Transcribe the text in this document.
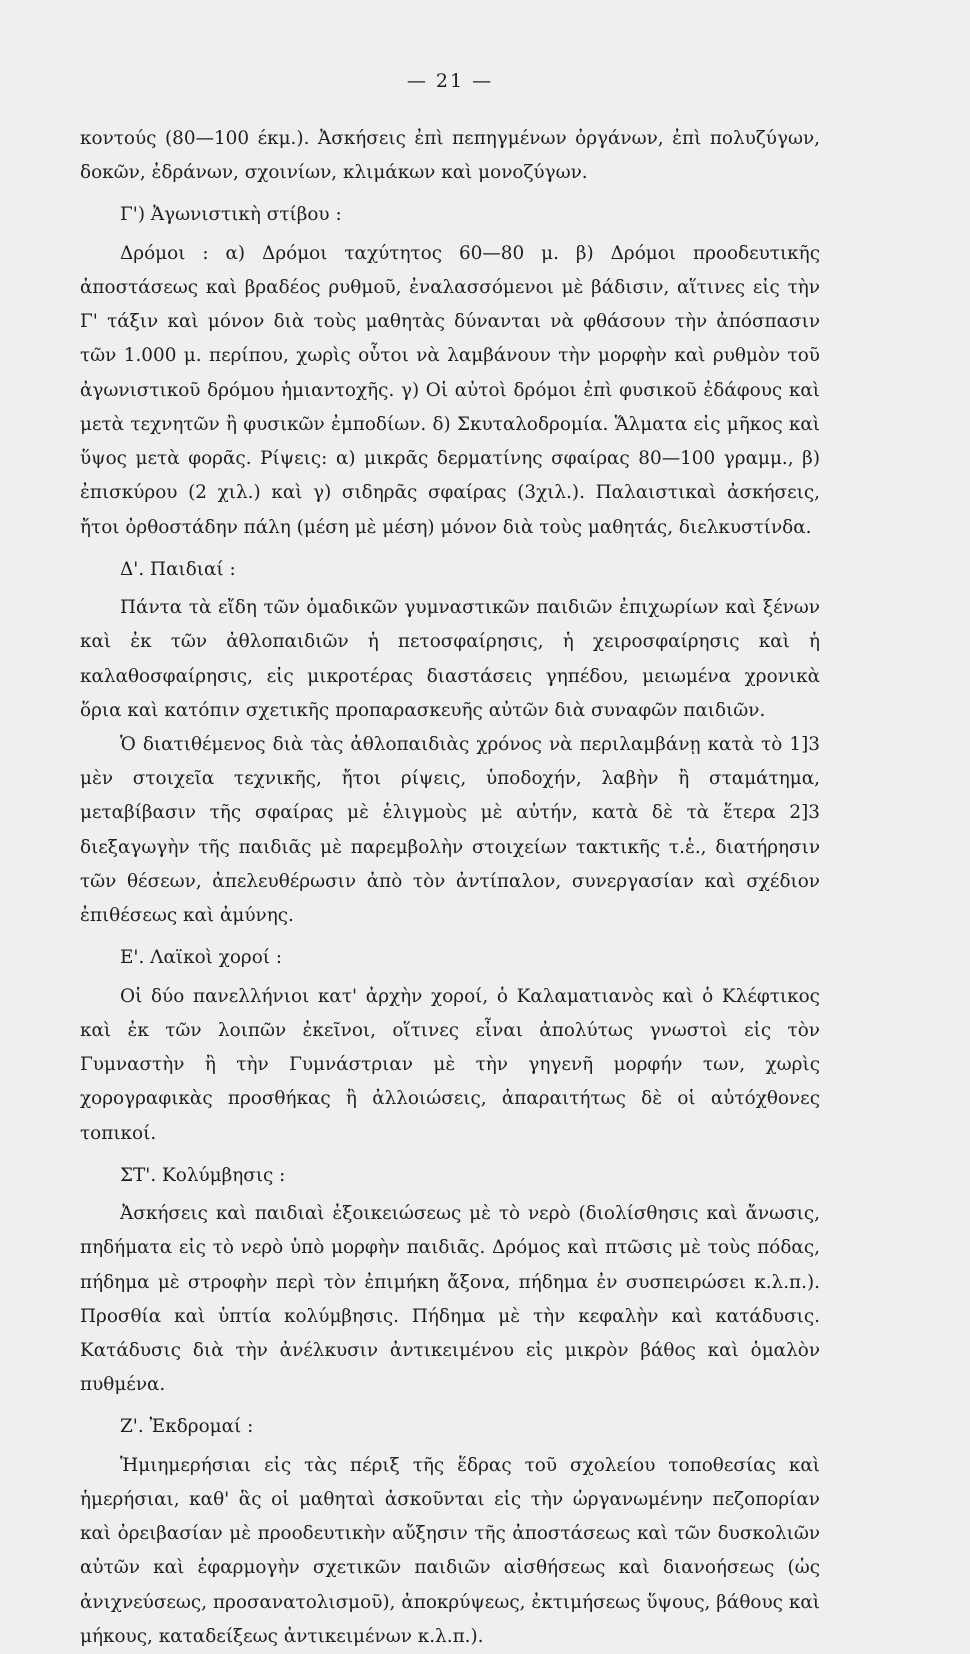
— 21 —

κοντούς (80—100 έκμ.). Ἀσκήσεις ἐπὶ πεπηγμένων ὀργάνων, ἐπὶ πολυζύγων, δοκῶν, ἐδράνων, σχοινίων, κλιμάκων καὶ μονοζύγων.

Γ') Ἀγωνιστικὴ στίβου :

Δρόμοι : α) Δρόμοι ταχύτητος 60—80 μ. β) Δρόμοι προοδευτικῆς ἀποστάσεως καὶ βραδέος ρυθμοῦ, ἐναλασσόμενοι μὲ βάδισιν, αἵτινες εἰς τὴν Γ' τάξιν καὶ μόνον διὰ τοὺς μαθητὰς δύνανται νὰ φθάσουν τὴν ἀπόσπασιν τῶν 1.000 μ. περίπου, χωρὶς οὗτοι νὰ λαμβάνουν τὴν μορφὴν καὶ ρυθμὸν τοῦ ἀγωνιστικοῦ δρόμου ἡμιαντοχῆς. γ) Οἱ αὐτοὶ δρόμοι ἐπὶ φυσικοῦ ἐδάφους καὶ μετὰ τεχνητῶν ἢ φυσικῶν ἐμποδίων. δ) Σκυταλοδρομία. Ἅλματα εἰς μῆκος καὶ ὕψος μετὰ φορᾶς. Ρίψεις: α) μικρᾶς δερματίνης σφαίρας 80—100 γραμμ., β) ἐπισκύρου (2 χιλ.) καὶ γ) σιδηρᾶς σφαίρας (3χιλ.). Παλαιστικαὶ ἀσκήσεις, ἤτοι ὀρθοστάδην πάλη (μέση μὲ μέση) μόνον διὰ τοὺς μαθητάς, διελκυστίνδα.

Δ'. Παιδιαί :

Πάντα τὰ εἴδη τῶν ὁμαδικῶν γυμναστικῶν παιδιῶν ἐπιχωρίων καὶ ξένων καὶ ἐκ τῶν ἀθλοπαιδιῶν ἡ πετοσφαίρησις, ἡ χειροσφαίρησις καὶ ἡ καλαθοσφαίρησις, εἰς μικροτέρας διαστάσεις γηπέδου, μειωμένα χρονικὰ ὅρια καὶ κατόπιν σχετικῆς προπαρασκευῆς αὐτῶν διὰ συναφῶν παιδιῶν.

Ὁ διατιθέμενος διὰ τὰς ἀθλοπαιδιὰς χρόνος νὰ περιλαμβάνῃ κατὰ τὸ 1]3 μὲν στοιχεῖα τεχνικῆς, ἤτοι ρίψεις, ὑποδοχήν, λαβὴν ἢ σταμάτημα, μεταβίβασιν τῆς σφαίρας μὲ ἑλιγμοὺς μὲ αὐτήν, κατὰ δὲ τὰ ἕτερα 2]3 διεξαγωγὴν τῆς παιδιᾶς μὲ παρεμβολὴν στοιχείων τακτικῆς τ.ἑ., διατήρησιν τῶν θέσεων, ἀπελευθέρωσιν ἀπὸ τὸν ἀντίπαλον, συνεργασίαν καὶ σχέδιον ἐπιθέσεως καὶ ἀμύνης.

Ε'. Λαϊκοὶ χοροί :

Οἱ δύο πανελλήνιοι κατ' ἀρχὴν χοροί, ὁ Καλαματιανὸς καὶ ὁ Κλέφτικος καὶ ἐκ τῶν λοιπῶν ἐκεῖνοι, οἵτινες εἶναι ἀπολύτως γνωστοὶ εἰς τὸν Γυμναστὴν ἢ τὴν Γυμνάστριαν μὲ τὴν γηγενῆ μορφήν των, χωρὶς χορογραφικὰς προσθήκας ἢ ἀλλοιώσεις, ἀπαραιτήτως δὲ οἱ αὐτόχθονες τοπικοί.

ΣΤ'. Κολύμβησις :

Ἀσκήσεις καὶ παιδιαὶ ἐξοικειώσεως μὲ τὸ νερὸ (διολίσθησις καὶ ἄνωσις, πηδήματα εἰς τὸ νερὸ ὑπὸ μορφὴν παιδιᾶς. Δρόμος καὶ πτῶσις μὲ τοὺς πόδας, πήδημα μὲ στροφὴν περὶ τὸν ἐπιμήκη ἄξονα, πήδημα ἐν συσπειρώσει κ.λ.π.). Προσθία καὶ ὑπτία κολύμβησις. Πήδημα μὲ τὴν κεφαλὴν καὶ κατάδυσις. Κατάδυσις διὰ τὴν ἀνέλκυσιν ἀντικειμένου εἰς μικρὸν βάθος καὶ ὁμαλὸν πυθμένα.

Ζ'. Ἐκδρομαί :

Ἡμιημερήσιαι εἰς τὰς πέριξ τῆς ἕδρας τοῦ σχολείου τοποθεσίας καὶ ἡμερήσιαι, καθ' ἃς οἱ μαθηταὶ ἀσκοῦνται εἰς τὴν ὠργανωμένην πεζοπορίαν καὶ ὀρειβασίαν μὲ προοδευτικὴν αὔξησιν τῆς ἀποστάσεως καὶ τῶν δυσκολιῶν αὐτῶν καὶ ἐφαρμογὴν σχετικῶν παιδιῶν αἰσθήσεως καὶ διανοήσεως (ὡς ἀνιχνεύσεως, προσανατολισμοῦ), ἀποκρύψεως, ἐκτιμήσεως ὕψους, βάθους καὶ μήκους, καταδείξεως ἀντικειμένων κ.λ.π.).
